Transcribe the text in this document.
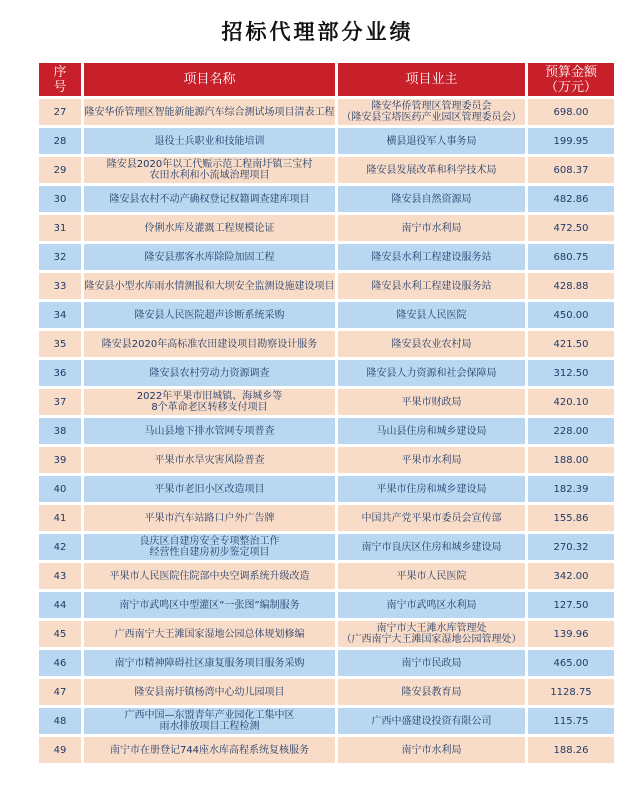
招标代理部分业绩
序
号	项目名称	项目业主	预算金额
（万元）
27	隆安华侨管理区智能新能源汽车综合测试场项目清表工程	隆安华侨管理区管理委员会
（隆安县宝塔医药产业园区管理委员会）	698.00
28	退役士兵职业和技能培训	横县退役军人事务局	199.95
29	隆安县2020年以工代赈示范工程南圩镇三宝村
农田水利和小流域治理项目	隆安县发展改革和科学技术局	608.37
30	隆安县农村不动产确权登记权籍调查建库项目	隆安县自然资源局	482.86
31	伶俐水库及灌溉工程规模论证	南宁市水利局	472.50
32	隆安县那客水库除险加固工程	隆安县水利工程建设服务站	680.75
33	隆安县小型水库雨水情测报和大坝安全监测设施建设项目	隆安县水利工程建设服务站	428.88
34	隆安县人民医院超声诊断系统采购	隆安县人民医院	450.00
35	隆安县2020年高标准农田建设项目勘察设计服务	隆安县农业农村局	421.50
36	隆安县农村劳动力资源调查	隆安县人力资源和社会保障局	312.50
37	2022年平果市旧城镇、海城乡等
8个革命老区转移支付项目	平果市财政局	420.10
38	马山县地下排水管网专项普查	马山县住房和城乡建设局	228.00
39	平果市水旱灾害风险普查	平果市水利局	188.00
40	平果市老旧小区改造项目	平果市住房和城乡建设局	182.39
41	平果市汽车站路口户外广告牌	中国共产党平果市委员会宣传部	155.86
42	良庆区自建房安全专项整治工作
经营性自建房初步鉴定项目	南宁市良庆区住房和城乡建设局	270.32
43	平果市人民医院住院部中央空调系统升级改造	平果市人民医院	342.00
44	南宁市武鸣区中型灌区“一张图”编制服务	南宁市武鸣区水利局	127.50
45	广西南宁大王滩国家湿地公园总体规划修编	南宁市大王滩水库管理处
（广西南宁大王滩国家湿地公园管理处）	139.96
46	南宁市精神障碍社区康复服务项目服务采购	南宁市民政局	465.00
47	隆安县南圩镇杨湾中心幼儿园项目	隆安县教育局	1128.75
48	广西中国—东盟青年产业园化工集中区
雨水排放项目工程检测	广西中盛建设投资有限公司	115.75
49	南宁市在册登记744座水库高程系统复核服务	南宁市水利局	188.26
